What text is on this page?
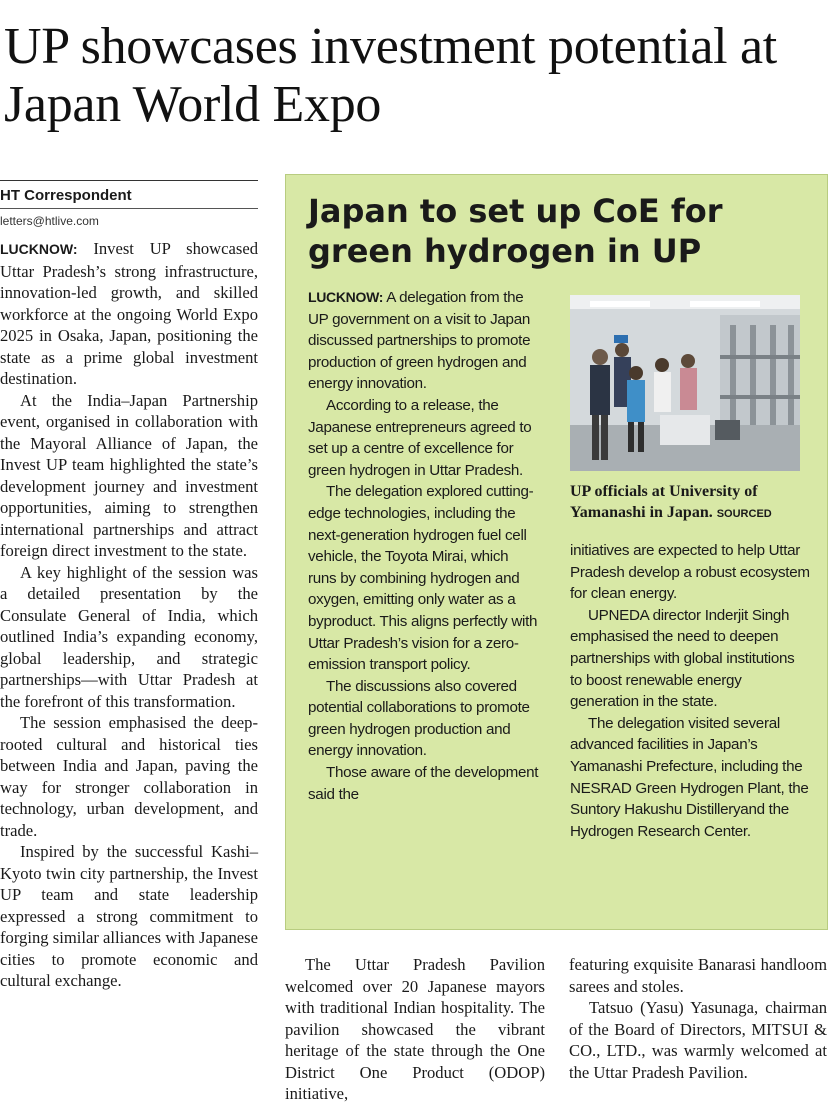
UP showcases investment potential at Japan World Expo
HT Correspondent
letters@htlive.com

LUCKNOW: Invest UP showcased Uttar Pradesh’s strong infrastructure, innovation-led growth, and skilled workforce at the ongoing World Expo 2025 in Osaka, Japan, positioning the state as a prime global investment destination.

At the India–Japan Partnership event, organised in collaboration with the Mayoral Alliance of Japan, the Invest UP team highlighted the state’s development journey and investment opportunities, aiming to strengthen international partnerships and attract foreign direct investment to the state.

A key highlight of the session was a detailed presentation by the Consulate General of India, which outlined India’s expanding economy, global leadership, and strategic partnerships—with Uttar Pradesh at the forefront of this transformation.

The session emphasised the deep-rooted cultural and historical ties between India and Japan, paving the way for stronger collaboration in technology, urban development, and trade.

Inspired by the successful Kashi–Kyoto twin city partnership, the Invest UP team and state leadership expressed a strong commitment to forging similar alliances with Japanese cities to promote economic and cultural exchange.

Japan to set up CoE for green hydrogen in UP

LUCKNOW: A delegation from the UP government on a visit to Japan discussed partnerships to promote production of green hydrogen and energy innovation.

According to a release, the Japanese entrepreneurs agreed to set up a centre of excellence for green hydrogen in Uttar Pradesh.

The delegation explored cutting-edge technologies, including the next-generation hydrogen fuel cell vehicle, the Toyota Mirai, which runs by combining hydrogen and oxygen, emitting only water as a byproduct. This aligns perfectly with Uttar Pradesh’s vision for a zero-emission transport policy.

The discussions also covered potential collaborations to promote green hydrogen production and energy innovation.

Those aware of the development said the

UP officials at University of Yamanashi in Japan. SOURCED

initiatives are expected to help Uttar Pradesh develop a robust ecosystem for clean energy.

UPNEDA director Inderjit Singh emphasised the need to deepen partnerships with global institutions to boost renewable energy generation in the state.

The delegation visited several advanced facilities in Japan’s Yamanashi Prefecture, including the NESRAD Green Hydrogen Plant, the Suntory Hakushu Distilleryand the Hydrogen Research Center.

The Uttar Pradesh Pavilion welcomed over 20 Japanese mayors with traditional Indian hospitality. The pavilion showcased the vibrant heritage of the state through the One District One Product (ODOP) initiative,

featuring exquisite Banarasi handloom sarees and stoles.

Tatsuo (Yasu) Yasunaga, chairman of the Board of Directors, MITSUI & CO., LTD., was warmly welcomed at the Uttar Pradesh Pavilion.
